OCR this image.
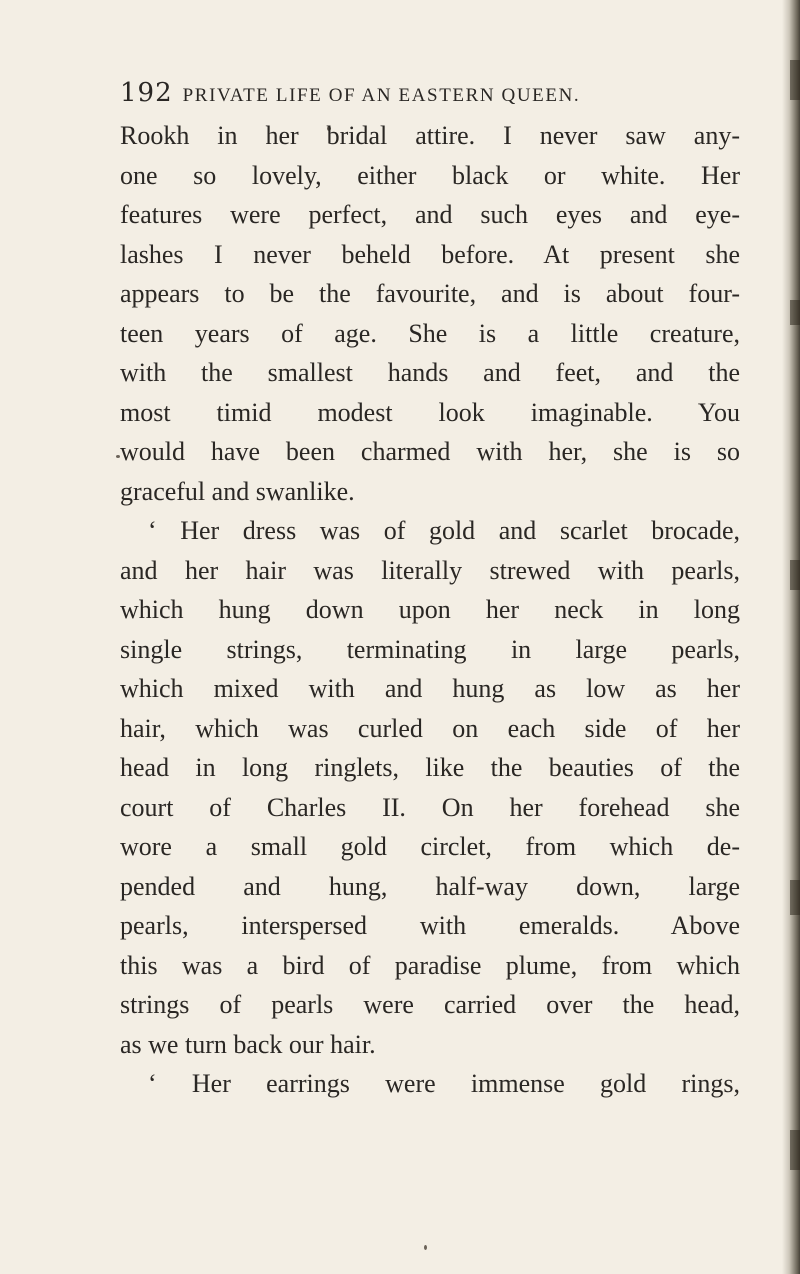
192 PRIVATE LIFE OF AN EASTERN QUEEN.
Rookh in her bridal attire. I never saw any-
one so lovely, either black or white. Her
features were perfect, and such eyes and eye-
lashes I never beheld before. At present she
appears to be the favourite, and is about four-
teen years of age. She is a little creature,
with the smallest hands and feet, and the
most timid modest look imaginable. You
would have been charmed with her, she is so
graceful and swanlike.
‘ Her dress was of gold and scarlet brocade,
and her hair was literally strewed with pearls,
which hung down upon her neck in long
single strings, terminating in large pearls,
which mixed with and hung as low as her
hair, which was curled on each side of her
head in long ringlets, like the beauties of the
court of Charles II. On her forehead she
wore a small gold circlet, from which de-
pended and hung, half-way down, large
pearls, interspersed with emeralds. Above
this was a bird of paradise plume, from which
strings of pearls were carried over the head,
as we turn back our hair.
‘ Her earrings were immense gold rings,
